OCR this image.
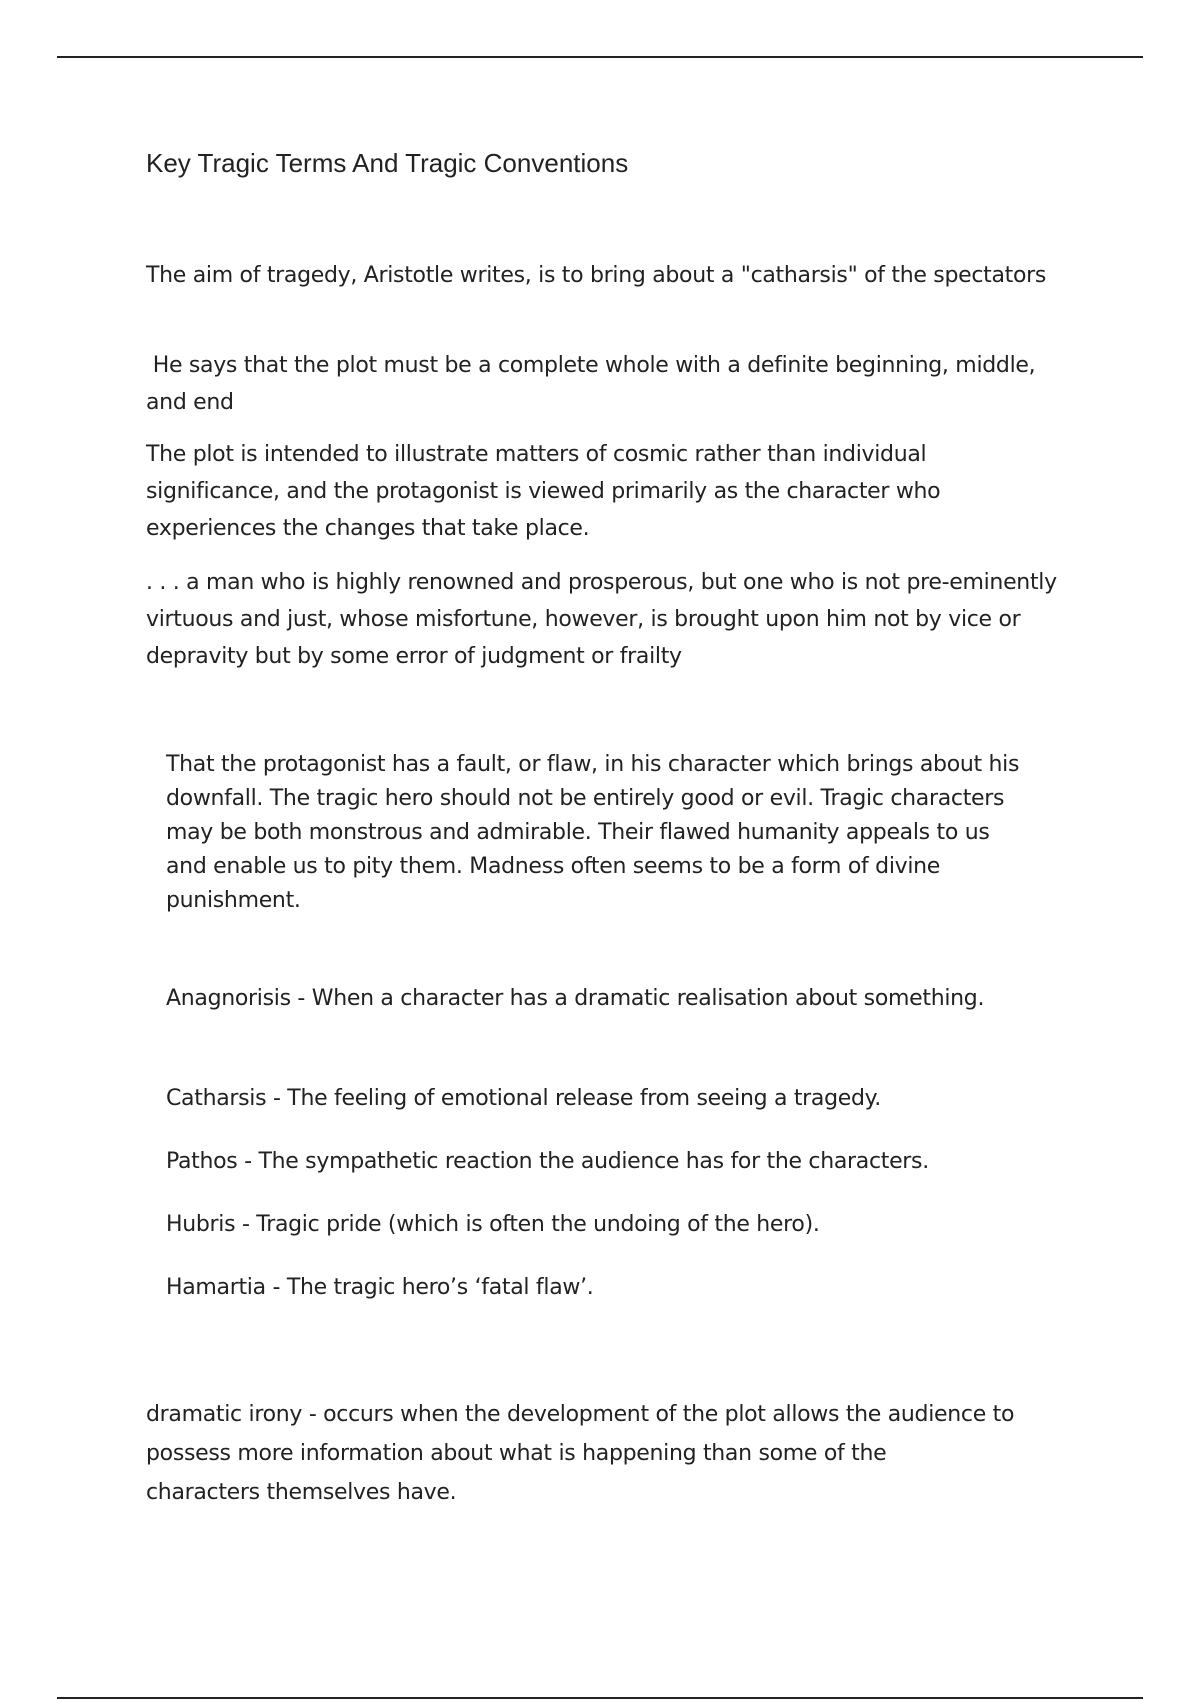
Key Tragic Terms And Tragic Conventions

The aim of tragedy, Aristotle writes, is to bring about a "catharsis" of the spectators

He says that the plot must be a complete whole with a definite beginning, middle, and end

The plot is intended to illustrate matters of cosmic rather than individual significance, and the protagonist is viewed primarily as the character who experiences the changes that take place.

. . . a man who is highly renowned and prosperous, but one who is not pre-eminently virtuous and just, whose misfortune, however, is brought upon him not by vice or depravity but by some error of judgment or frailty

That the protagonist has a fault, or flaw, in his character which brings about his downfall. The tragic hero should not be entirely good or evil. Tragic characters may be both monstrous and admirable. Their flawed humanity appeals to us and enable us to pity them. Madness often seems to be a form of divine punishment.

Anagnorisis - When a character has a dramatic realisation about something.

Catharsis - The feeling of emotional release from seeing a tragedy.

Pathos - The sympathetic reaction the audience has for the characters.

Hubris - Tragic pride (which is often the undoing of the hero).

Hamartia - The tragic hero’s ‘fatal flaw’.

dramatic irony - occurs when the development of the plot allows the audience to possess more information about what is happening than some of the
characters themselves have.
